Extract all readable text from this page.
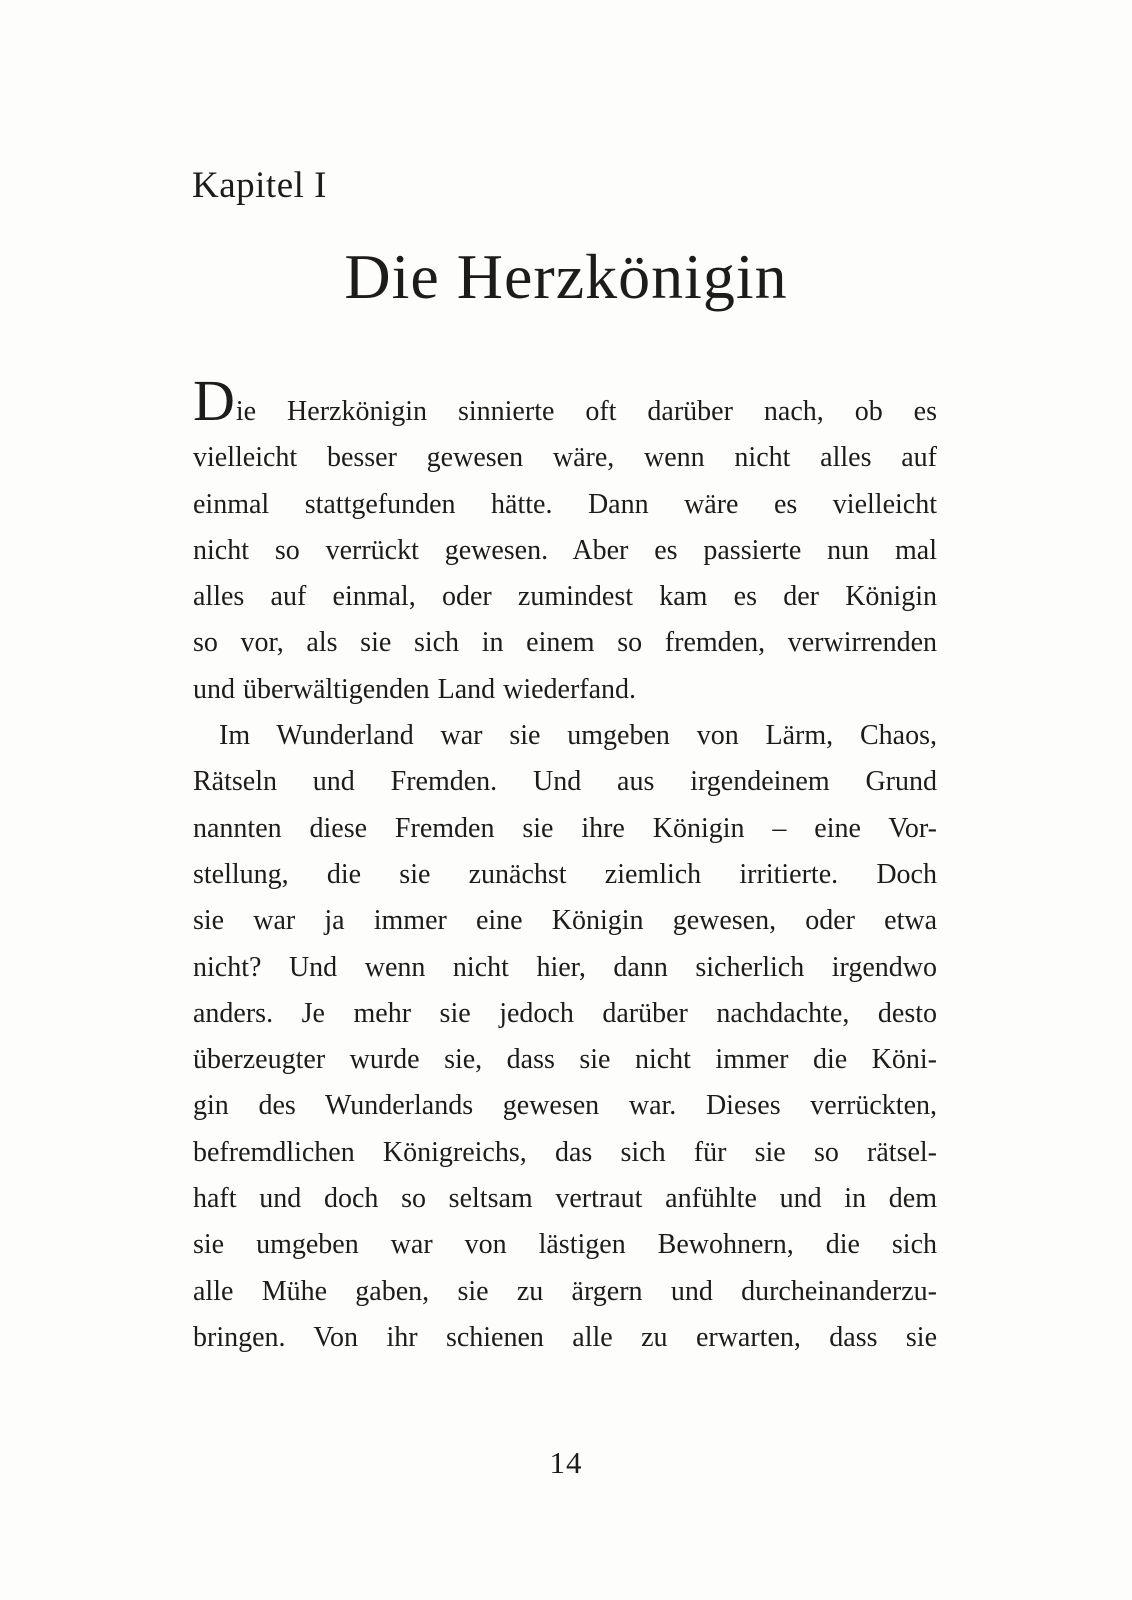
Kapitel I
Die Herzkönigin
Die Herzkönigin sinnierte oft darüber nach, ob es
vielleicht besser gewesen wäre, wenn nicht alles auf
einmal stattgefunden hätte. Dann wäre es vielleicht
nicht so verrückt gewesen. Aber es passierte nun mal
alles auf einmal, oder zumindest kam es der Königin
so vor, als sie sich in einem so fremden, verwirrenden
und überwältigenden Land wiederfand.
Im Wunderland war sie umgeben von Lärm, Chaos,
Rätseln und Fremden. Und aus irgendeinem Grund
nannten diese Fremden sie ihre Königin – eine Vor-
stellung, die sie zunächst ziemlich irritierte. Doch
sie war ja immer eine Königin gewesen, oder etwa
nicht? Und wenn nicht hier, dann sicherlich irgendwo
anders. Je mehr sie jedoch darüber nachdachte, desto
überzeugter wurde sie, dass sie nicht immer die Köni-
gin des Wunderlands gewesen war. Dieses verrückten,
befremdlichen Königreichs, das sich für sie so rätsel-
haft und doch so seltsam vertraut anfühlte und in dem
sie umgeben war von lästigen Bewohnern, die sich
alle Mühe gaben, sie zu ärgern und durcheinanderzu-
bringen. Von ihr schienen alle zu erwarten, dass sie
14
